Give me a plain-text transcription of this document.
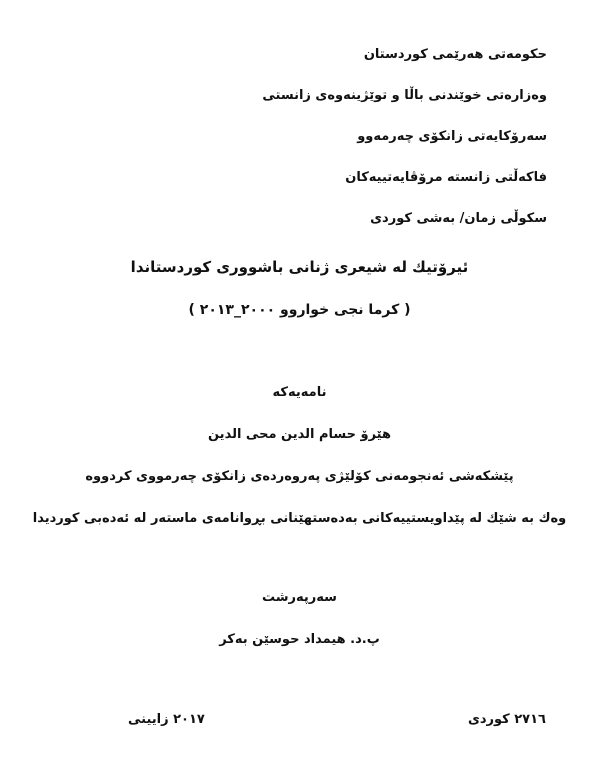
حکومەتی هەرێمی کوردستان
وەزارەتی خوێندنی باڵا و توێژینەوەی زانستی
سەرۆکایەتی زانکۆی چەرمەوو
فاکەڵتی زانستە مرۆڤایەتییەکان
سکوڵی زمان/ بەشی کوردی
ئیرۆتیك لە شیعری ژنانی باشووری کوردستاندا
( کرما نجی خواروو ٢٠٠٠_٢٠١٣ )
نامەیەکە
هێرۆ حسام الدین محی الدین
پێشکەشی ئەنجومەنی کۆلێژی پەروەردەی زانکۆی چەرمووی کردووە
وەك بە شێك لە پێداویستییەکانی بەدەستهێنانی بڕوانامەی ماستەر لە ئەدەبی کوردیدا
سەرپەرشت
پ.د. هیمداد حوسێن بەکر
٢٠١٧ زایینی	٢٧١٦ کوردی
